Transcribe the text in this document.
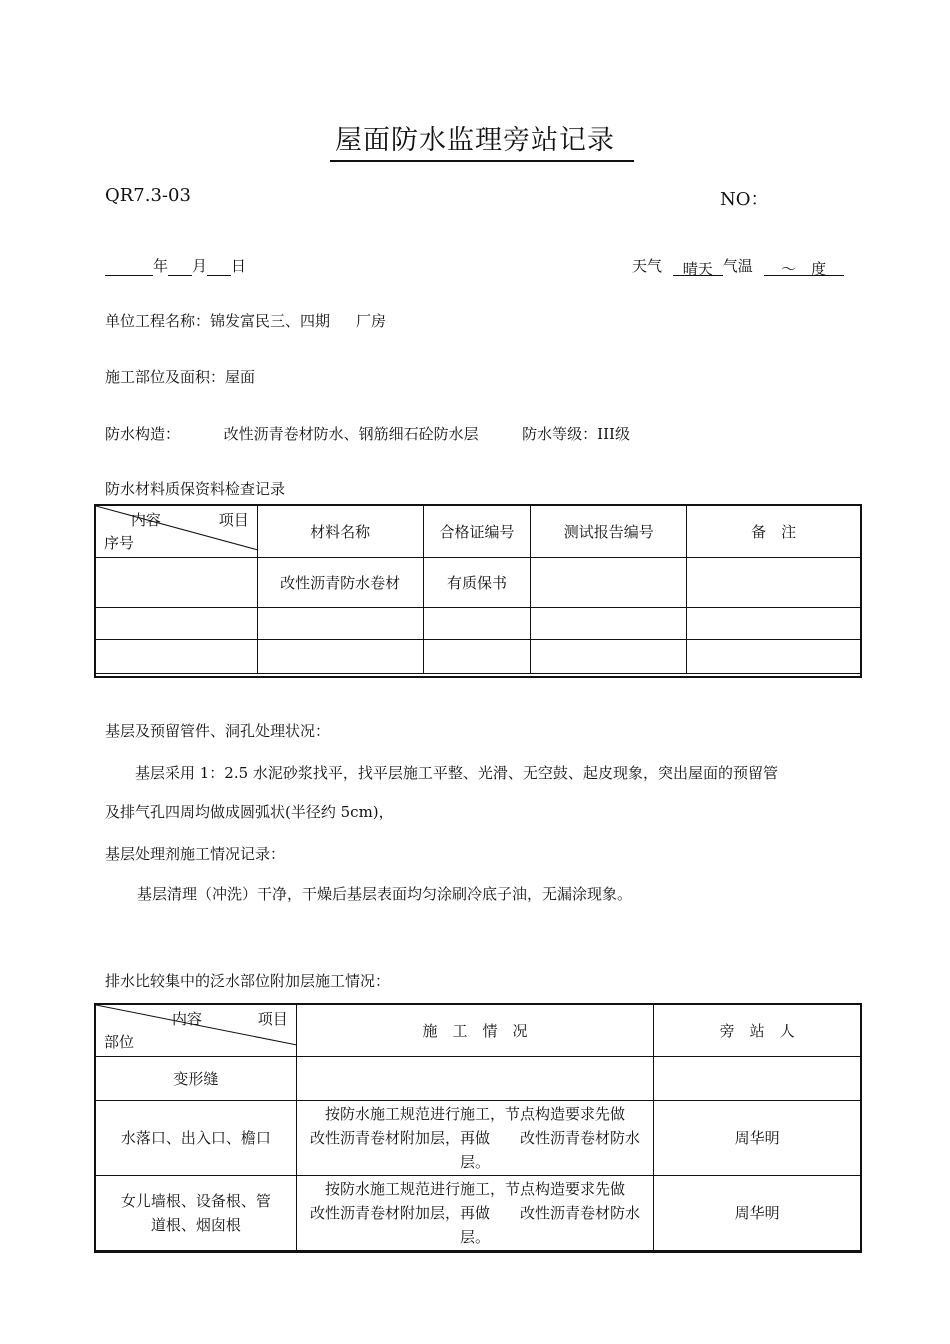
屋面防水监理旁站记录
QR7.3-03	NO：
年 月 日	天气 晴天 气温 ～　 度
单位工程名称：锦发富民三、四期 厂房
施工部位及面积：屋面
防水构造：	改性沥青卷材防水、钢筋细石砼防水层	防水等级：III级
防水材料质保资料检查记录
内容 项目
序号	材料名称	合格证编号	测试报告编号	备　注
	改性沥青防水卷材	有质保书		

基层及预留管件、洞孔处理状况：
基层采用 1：2.5 水泥砂浆找平，找平层施工平整、光滑、无空鼓、起皮现象，突出屋面的预留管
及排气孔四周均做成圆弧状(半径约 5cm)，
基层处理剂施工情况记录：
基层清理（冲洗）干净，干燥后基层表面均匀涂刷冷底子油，无漏涂现象。
排水比较集中的泛水部位附加层施工情况：
内容 项目
部位	施　工　情　况	旁　站　人
变形缝		
水落口、出入口、檐口	按防水施工规范进行施工，节点构造要求先做　　改性沥青卷材附加层，再做　　改性沥青卷材防水层。	周华明
女儿墙根、设备根、管道根、烟囱根	按防水施工规范进行施工，节点构造要求先做　　改性沥青卷材附加层，再做　　改性沥青卷材防水层。	周华明
